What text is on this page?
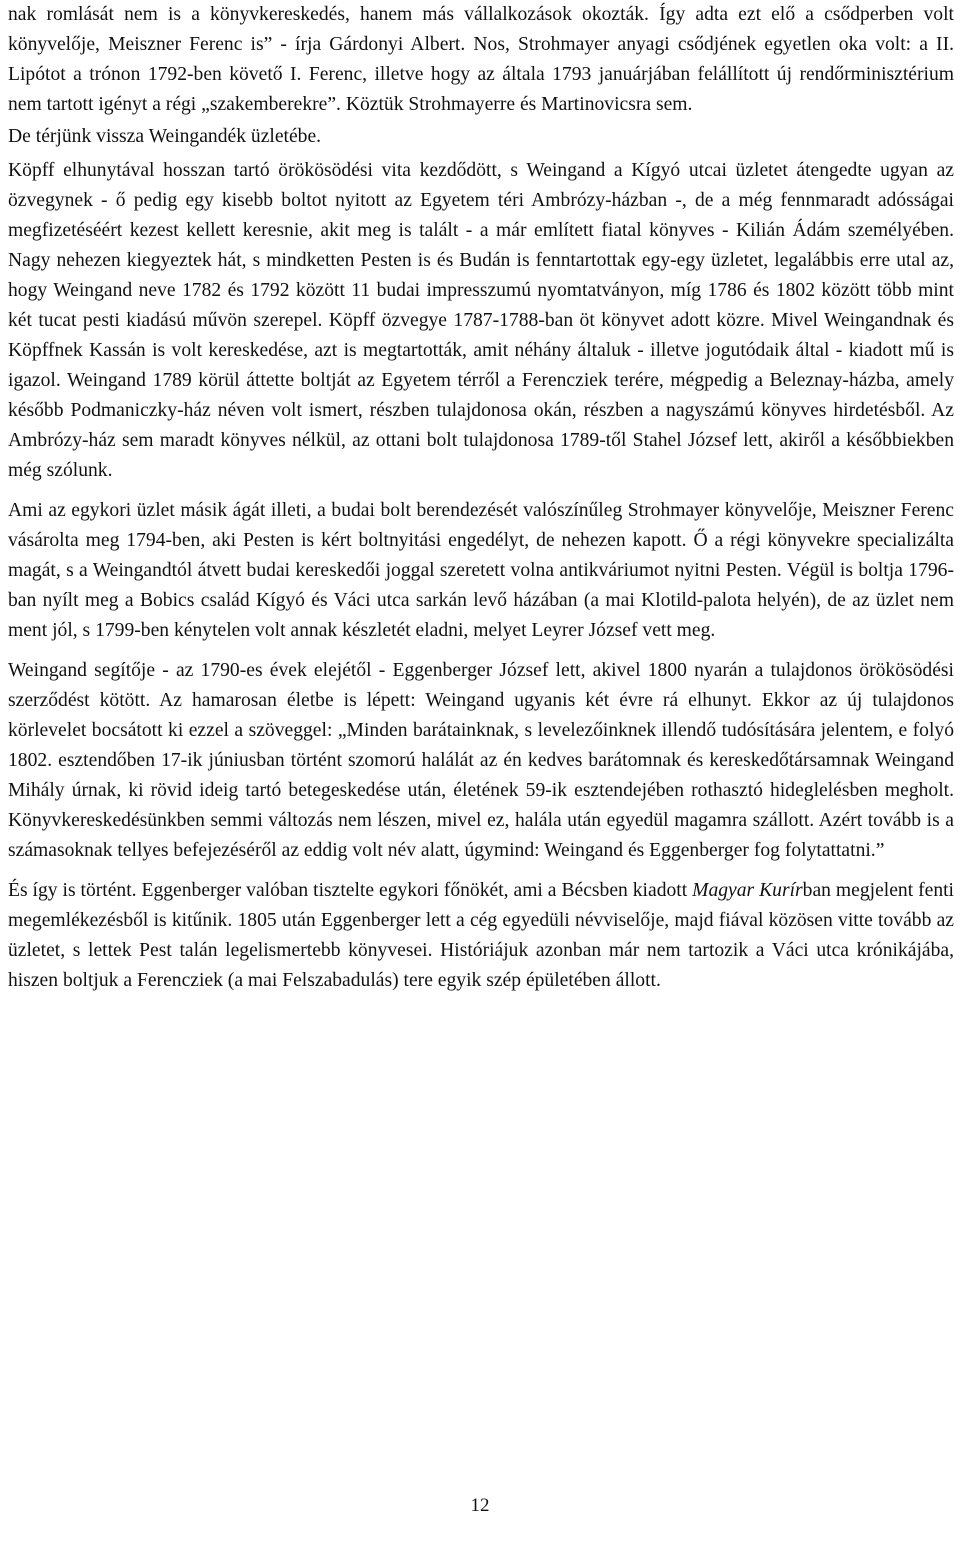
nak romlását nem is a könyvkereskedés, hanem más vállalkozások okozták. Így adta ezt elő a csődperben volt könyvelője, Meiszner Ferenc is” - írja Gárdonyi Albert. Nos, Strohmayer anyagi csődjének egyetlen oka volt: a II. Lipótot a trónon 1792-ben követő I. Ferenc, illetve hogy az általa 1793 januárjában felállított új rendőrminisztérium nem tartott igényt a régi „szakemberekre”. Köztük Strohmayerre és Martinovicsra sem.

De térjünk vissza Weingandék üzletébe.

Köpff elhunytával hosszan tartó örökösödési vita kezdődött, s Weingand a Kígyó utcai üzletet átengedte ugyan az özvegynek - ő pedig egy kisebb boltot nyitott az Egyetem téri Ambrózy-házban -, de a még fennmaradt adósságai megfizetéséért kezest kellett keresnie, akit meg is talált - a már említett fiatal könyves - Kilián Ádám személyében. Nagy nehezen kiegyeztek hát, s mindketten Pesten is és Budán is fenntartottak egy-egy üzletet, legalábbis erre utal az, hogy Weingand neve 1782 és 1792 között 11 budai impresszumú nyomtatványon, míg 1786 és 1802 között több mint két tucat pesti kiadású művön szerepel. Köpff özvegye 1787-1788-ban öt könyvet adott közre. Mivel Weingandnak és Köpffnek Kassán is volt kereskedése, azt is megtartották, amit néhány általuk - illetve jogutódaik által - kiadott mű is igazol. Weingand 1789 körül áttette boltját az Egyetem térről a Ferencziek terére, mégpedig a Beleznay-házba, amely később Podmaniczky-ház néven volt ismert, részben tulajdonosa okán, részben a nagyszámú könyves hirdetésből. Az Ambrózy-ház sem maradt könyves nélkül, az ottani bolt tulajdonosa 1789-től Stahel József lett, akiről a későbbiekben még szólunk.

Ami az egykori üzlet másik ágát illeti, a budai bolt berendezését valószínűleg Strohmayer könyvelője, Meiszner Ferenc vásárolta meg 1794-ben, aki Pesten is kért boltnyitási engedélyt, de nehezen kapott. Ő a régi könyvekre specializálta magát, s a Weingandtól átvett budai kereskedői joggal szeretett volna antikváriumot nyitni Pesten. Végül is boltja 1796-ban nyílt meg a Bobics család Kígyó és Váci utca sarkán levő házában (a mai Klotild-palota helyén), de az üzlet nem ment jól, s 1799-ben kénytelen volt annak készletét eladni, melyet Leyrer József vett meg.

Weingand segítője - az 1790-es évek elejétől - Eggenberger József lett, akivel 1800 nyarán a tulajdonos örökösödési szerződést kötött. Az hamarosan életbe is lépett: Weingand ugyanis két évre rá elhunyt. Ekkor az új tulajdonos körlevelet bocsátott ki ezzel a szöveggel: „Minden barátainknak, s levelezőinknek illendő tudósítására jelentem, e folyó 1802. esztendőben 17-ik júniusban történt szomorú halálát az én kedves barátomnak és kereskedőtársamnak Weingand Mihály úrnak, ki rövid ideig tartó betegeskedése után, életének 59-ik esztendejében rothasztó hideglelésben megholt. Könyvkereskedésünkben semmi változás nem lészen, mivel ez, halála után egyedül magamra szállott. Azért tovább is a számasoknak tellyes befejezéséről az eddig volt név alatt, úgymind: Weingand és Eggenberger fog folytattatni.”

És így is történt. Eggenberger valóban tisztelte egykori főnökét, ami a Bécsben kiadott Magyar Kurírban megjelent fenti megemlékezésből is kitűnik. 1805 után Eggenberger lett a cég egyedüli névviselője, majd fiával közösen vitte tovább az üzletet, s lettek Pest talán legelismertebb könyvesei. Históriájuk azonban már nem tartozik a Váci utca krónikájába, hiszen boltjuk a Ferencziek (a mai Felszabadulás) tere egyik szép épületében állott.

12
